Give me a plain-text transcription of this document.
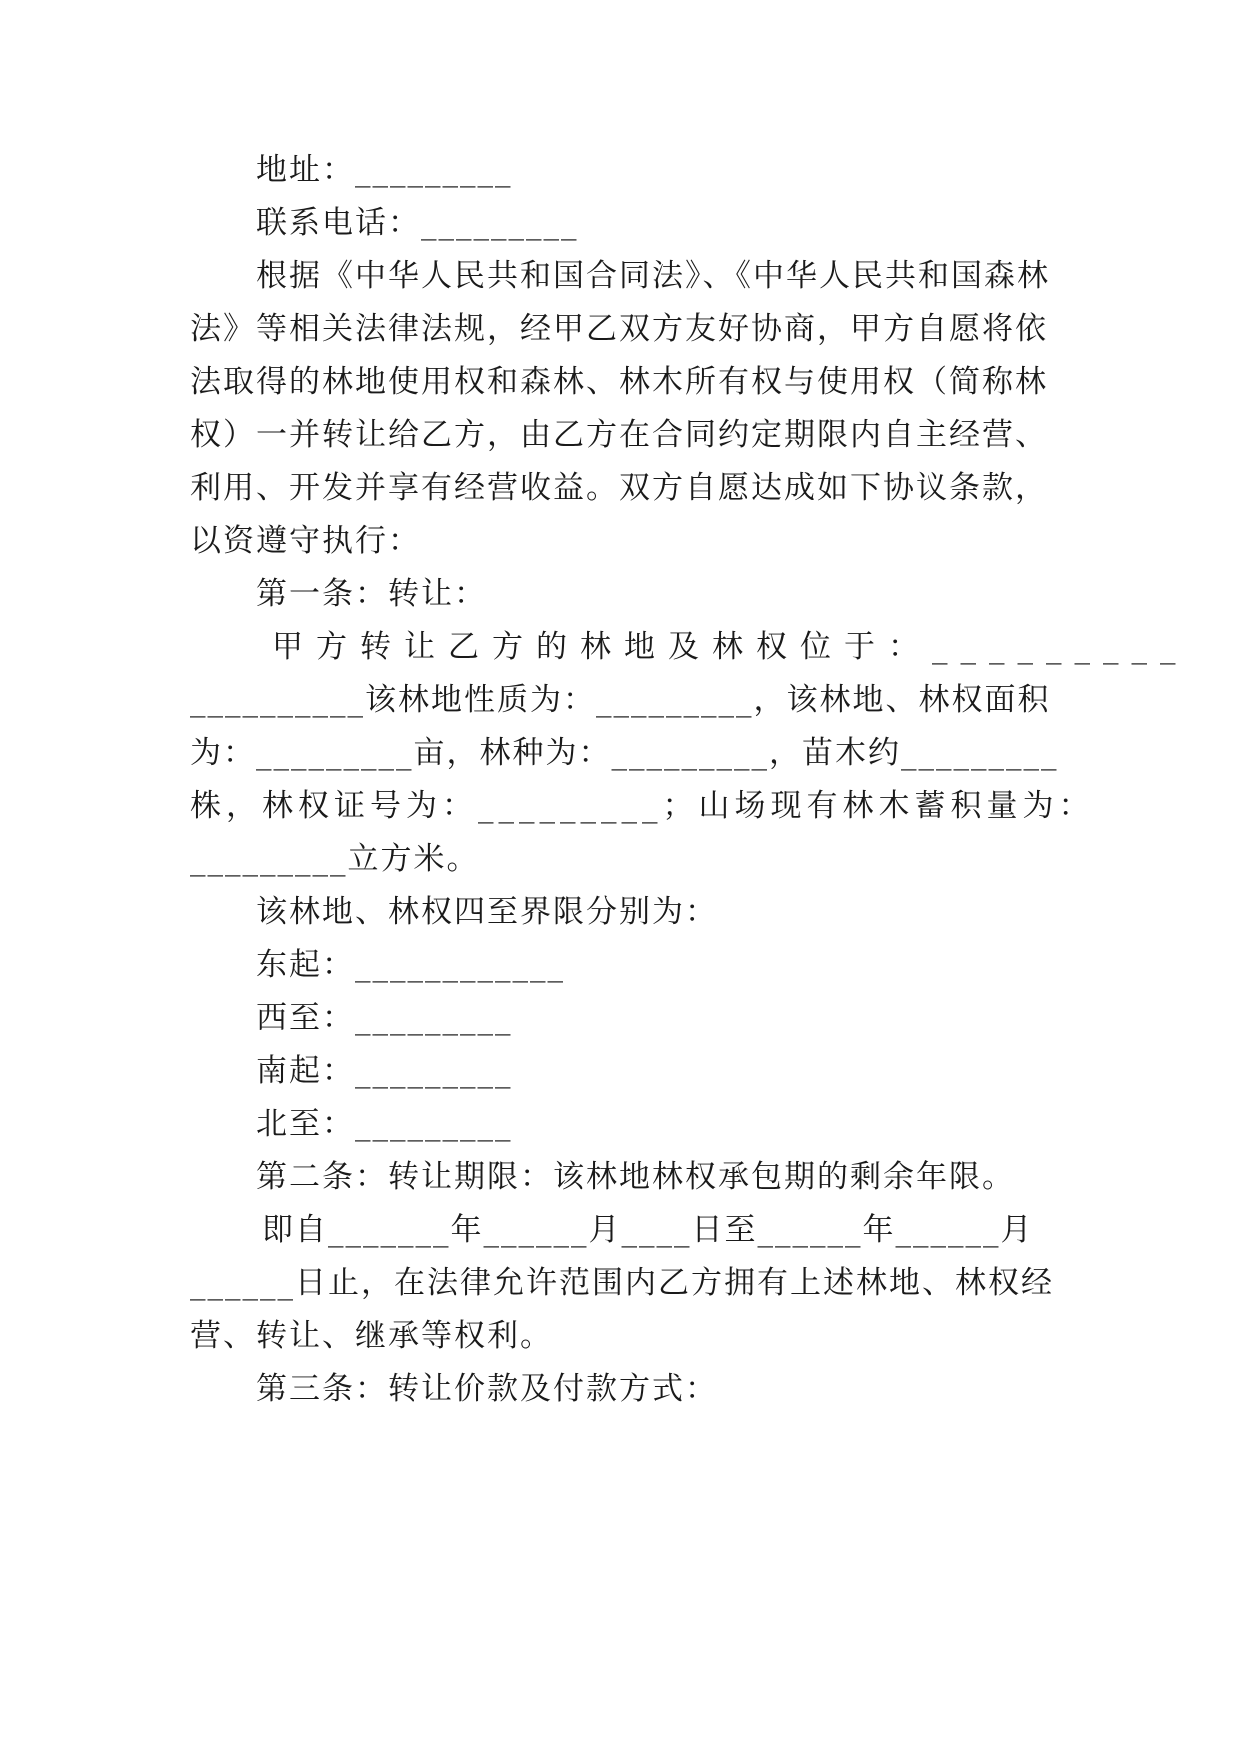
地址：_________
联系电话：_________
根据《中华人民共和国合同法》、《中华人民共和国森林
法》等相关法律法规，经甲乙双方友好协商，甲方自愿将依
法取得的林地使用权和森林、林木所有权与使用权（简称林
权）一并转让给乙方，由乙方在合同约定期限内自主经营、
利用、开发并享有经营收益。双方自愿达成如下协议条款，
以资遵守执行：
第一条：转让：
甲方转让乙方的林地及林权位于：_________
__________该林地性质为：_________，该林地、林权面积
为：_________亩，林种为：_________，苗木约_________
株，林权证号为：_________；山场现有林木蓄积量为：
_________立方米。
该林地、林权四至界限分别为：
东起：____________
西至：_________
南起：_________
北至：_________
第二条：转让期限：该林地林权承包期的剩余年限。
即自_______年______月____日至______年______月
______日止，在法律允许范围内乙方拥有上述林地、林权经
营、转让、继承等权利。
第三条：转让价款及付款方式：
